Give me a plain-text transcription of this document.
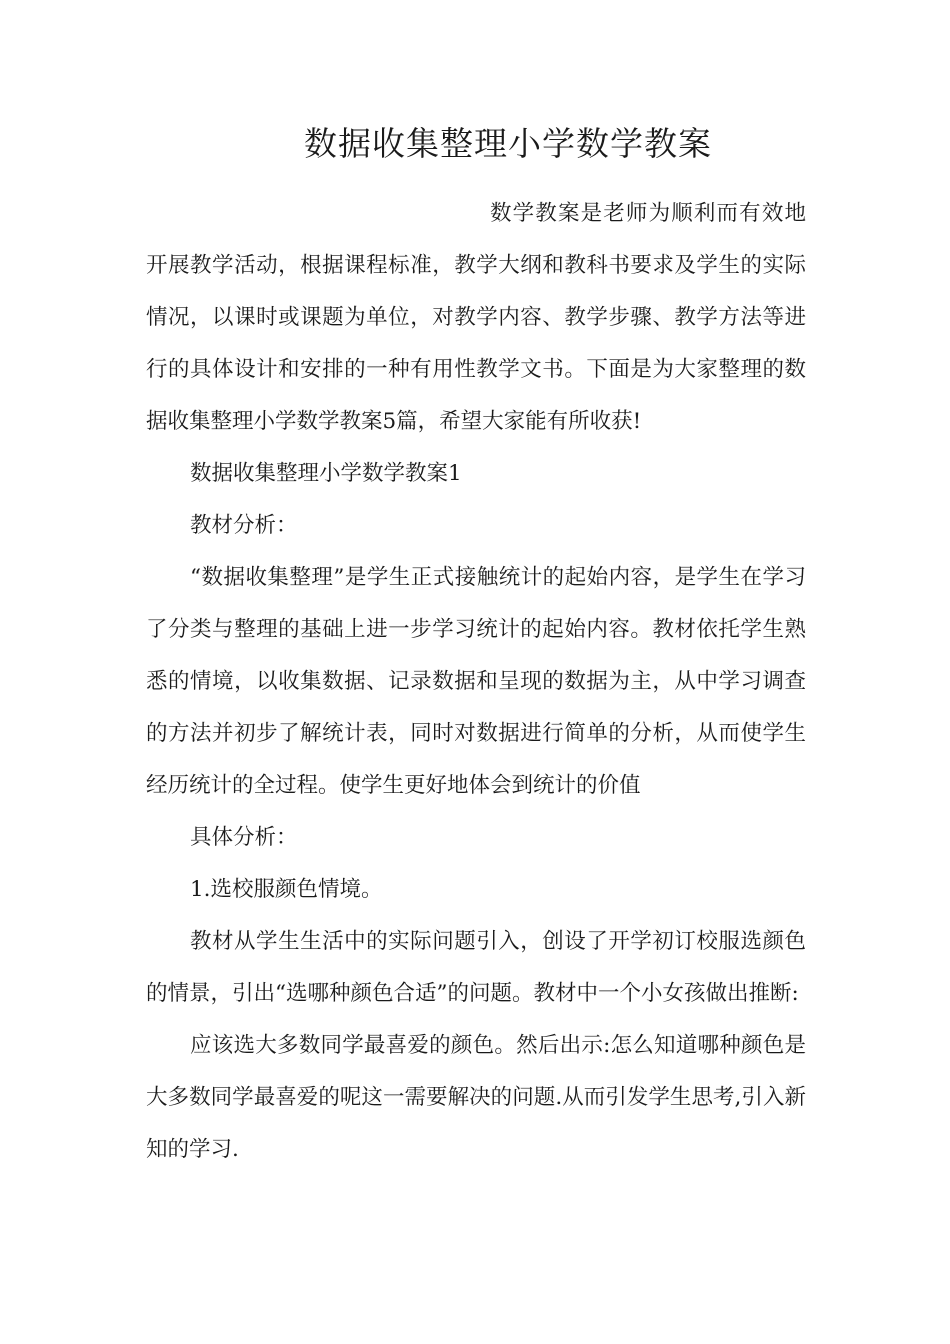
数据收集整理小学数学教案

数学教案是老师为顺利而有效地开展教学活动，根据课程标准，教学大纲和教科书要求及学生的实际情况，以课时或课题为单位，对教学内容、教学步骤、教学方法等进行的具体设计和安排的一种有用性教学文书。下面是为大家整理的数据收集整理小学数学教案5篇，希望大家能有所收获!

数据收集整理小学数学教案1

教材分析：

“数据收集整理”是学生正式接触统计的起始内容，是学生在学习了分类与整理的基础上进一步学习统计的起始内容。教材依托学生熟悉的情境，以收集数据、记录数据和呈现的数据为主，从中学习调查的方法并初步了解统计表，同时对数据进行简单的分析，从而使学生经历统计的全过程。使学生更好地体会到统计的价值

具体分析：

1.选校服颜色情境。

教材从学生生活中的实际问题引入，创设了开学初订校服选颜色的情景，引出“选哪种颜色合适”的问题。教材中一个小女孩做出推断:

应该选大多数同学最喜爱的颜色。然后出示:怎么知道哪种颜色是大多数同学最喜爱的呢这一需要解决的问题.从而引发学生思考,引入新知的学习.
